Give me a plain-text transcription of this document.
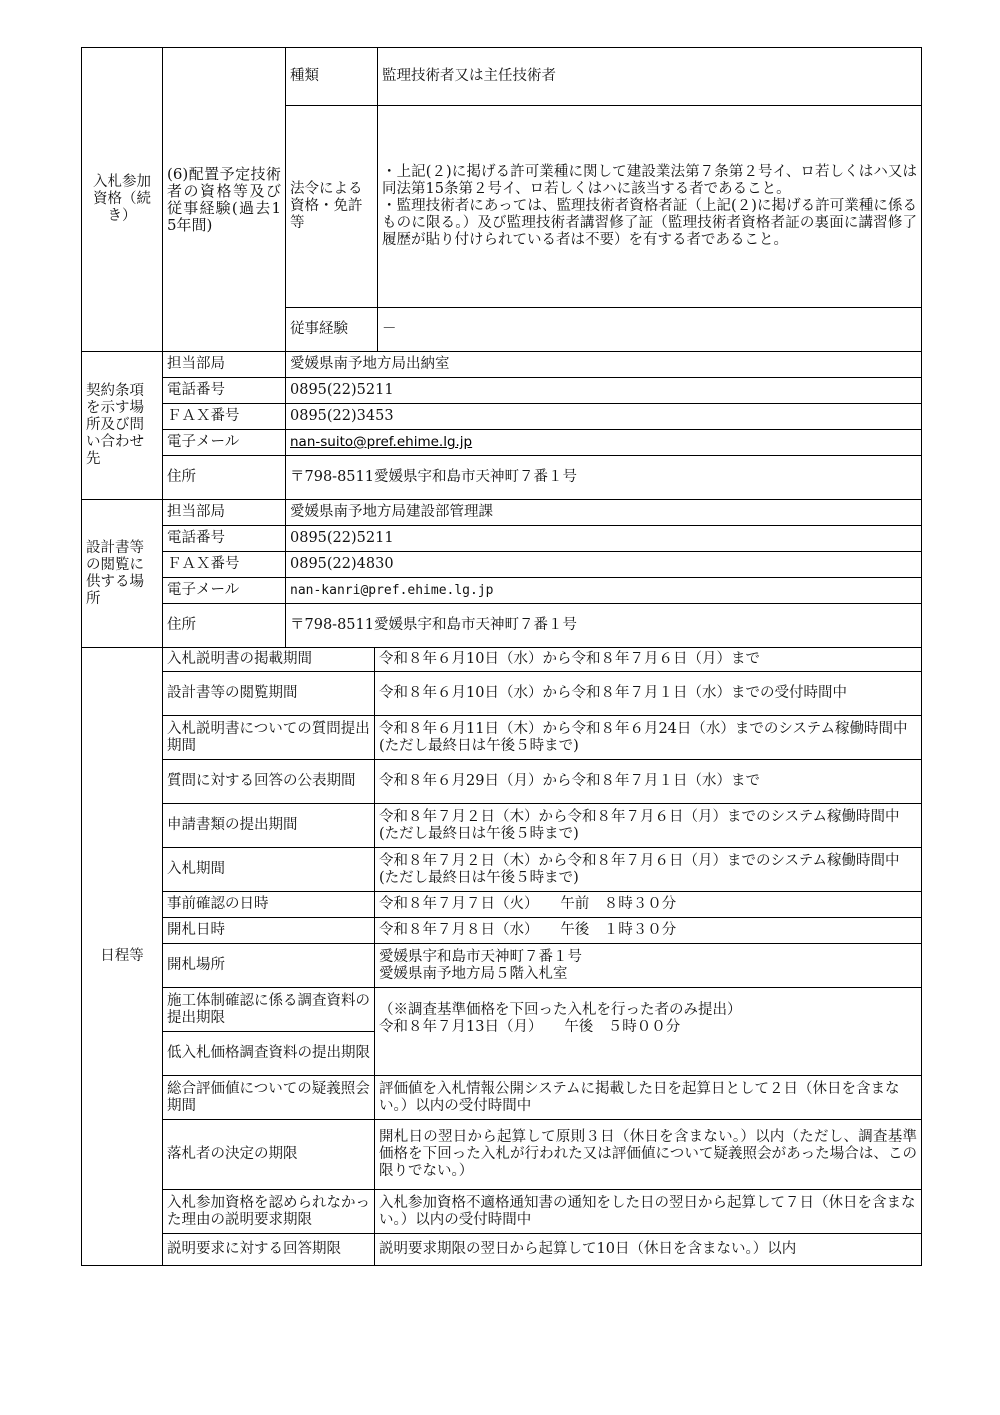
入札参加資格（続き）	(6)配置予定技術者の資格等及び従事経験(過去15年間)	種類	監理技術者又は主任技術者
		法令による資格・免許等	・上記(２)に掲げる許可業種に関して建設業法第７条第２号イ、ロ若しくはハ又は同法第15条第２号イ、ロ若しくはハに該当する者であること。
・監理技術者にあっては、監理技術者資格者証（上記(２)に掲げる許可業種に係るものに限る。）及び監理技術者講習修了証（監理技術者資格者証の裏面に講習修了履歴が貼り付けられている者は不要）を有する者であること。
		従事経験	－
契約条項を示す場所及び問い合わせ先	担当部局	愛媛県南予地方局出納室
	電話番号	0895(22)5211
	ＦＡＸ番号	0895(22)3453
	電子メール	nan-suito@pref.ehime.lg.jp
	住所	〒798-8511愛媛県宇和島市天神町７番１号
設計書等の閲覧に供する場所	担当部局	愛媛県南予地方局建設部管理課
	電話番号	0895(22)5211
	ＦＡＸ番号	0895(22)4830
	電子メール	nan-kanri@pref.ehime.lg.jp
	住所	〒798-8511愛媛県宇和島市天神町７番１号
日程等	入札説明書の掲載期間	令和８年６月10日（水）から令和８年７月６日（月）まで
	設計書等の閲覧期間	令和８年６月10日（水）から令和８年７月１日（水）までの受付時間中
	入札説明書についての質問提出期間	令和８年６月11日（木）から令和８年６月24日（水）までのシステム稼働時間中(ただし最終日は午後５時まで)
	質問に対する回答の公表期間	令和８年６月29日（月）から令和８年７月１日（水）まで
	申請書類の提出期間	令和８年７月２日（木）から令和８年７月６日（月）までのシステム稼働時間中(ただし最終日は午後５時まで)
	入札期間	令和８年７月２日（木）から令和８年７月６日（月）までのシステム稼働時間中(ただし最終日は午後５時まで)
	事前確認の日時	令和８年７月７日（火）　　午前　８時３０分
	開札日時	令和８年７月８日（水）　　午後　１時３０分
	開札場所	愛媛県宇和島市天神町７番１号
愛媛県南予地方局５階入札室
	施工体制確認に係る調査資料の提出期限	（※調査基準価格を下回った入札を行った者のみ提出）
令和８年７月13日（月）　　午後　５時００分
	低入札価格調査資料の提出期限	
	総合評価値についての疑義照会期間	評価値を入札情報公開システムに掲載した日を起算日として２日（休日を含まない。）以内の受付時間中
	落札者の決定の期限	開札日の翌日から起算して原則３日（休日を含まない。）以内（ただし、調査基準価格を下回った入札が行われた又は評価値について疑義照会があった場合は、この限りでない。）
	入札参加資格を認められなかった理由の説明要求期限	入札参加資格不適格通知書の通知をした日の翌日から起算して７日（休日を含まない。）以内の受付時間中
	説明要求に対する回答期限	説明要求期限の翌日から起算して10日（休日を含まない。）以内
